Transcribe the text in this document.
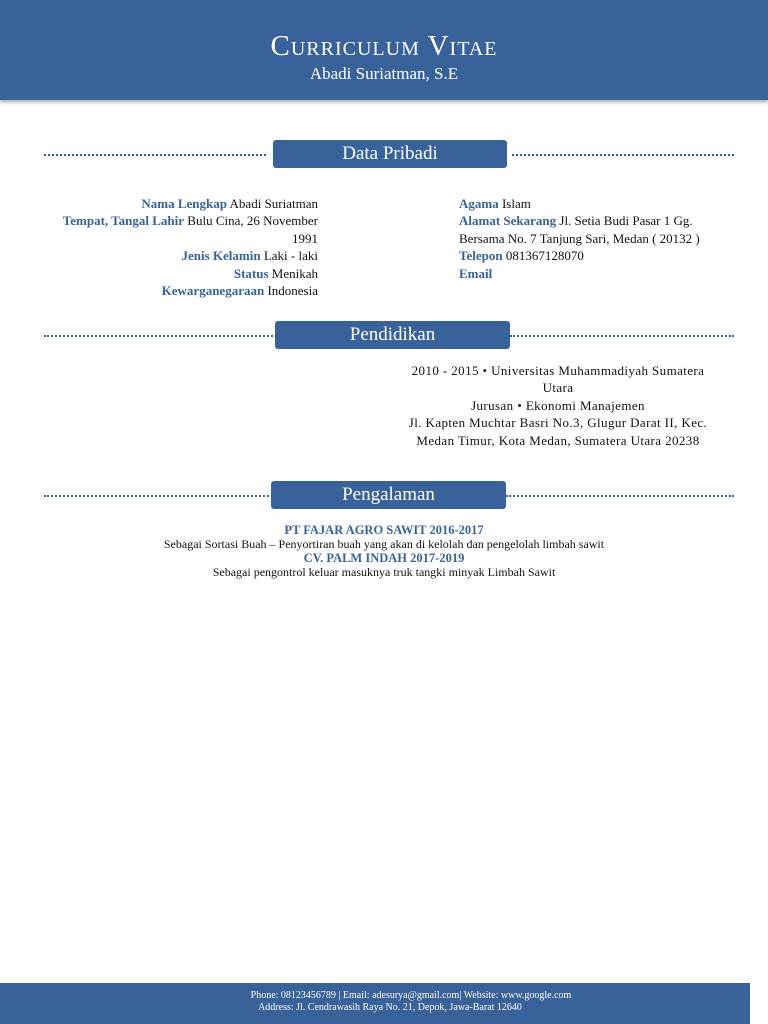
Curriculum Vitae
Abadi Suriatman, S.E
Data Pribadi
Nama Lengkap Abadi Suriatman
Tempat, Tangal Lahir Bulu Cina, 26 November 1991
Jenis Kelamin Laki - laki
Status Menikah
Kewarganegaraan Indonesia
Agama Islam
Alamat Sekarang Jl. Setia Budi Pasar 1 Gg. Bersama No. 7 Tanjung Sari, Medan ( 20132 )
Telepon 081367128070
Email
Pendidikan
2010 - 2015 • Universitas Muhammadiyah Sumatera Utara
Jurusan • Ekonomi Manajemen
Jl. Kapten Muchtar Basri No.3, Glugur Darat II, Kec. Medan Timur, Kota Medan, Sumatera Utara 20238
Pengalaman
PT FAJAR AGRO SAWIT 2016-2017
Sebagai Sortasi Buah – Penyortiran buah yang akan di kelolah dan pengelolah limbah sawit
CV. PALM INDAH 2017-2019
Sebagai pengontrol keluar masuknya truk tangki minyak Limbah Sawit
Phone: 08123456789 | Email: adesurya@gmail.com| Website: www.google.com
Address: Jl. Cendrawasih Raya No. 21, Depok, Jawa-Barat 12640
